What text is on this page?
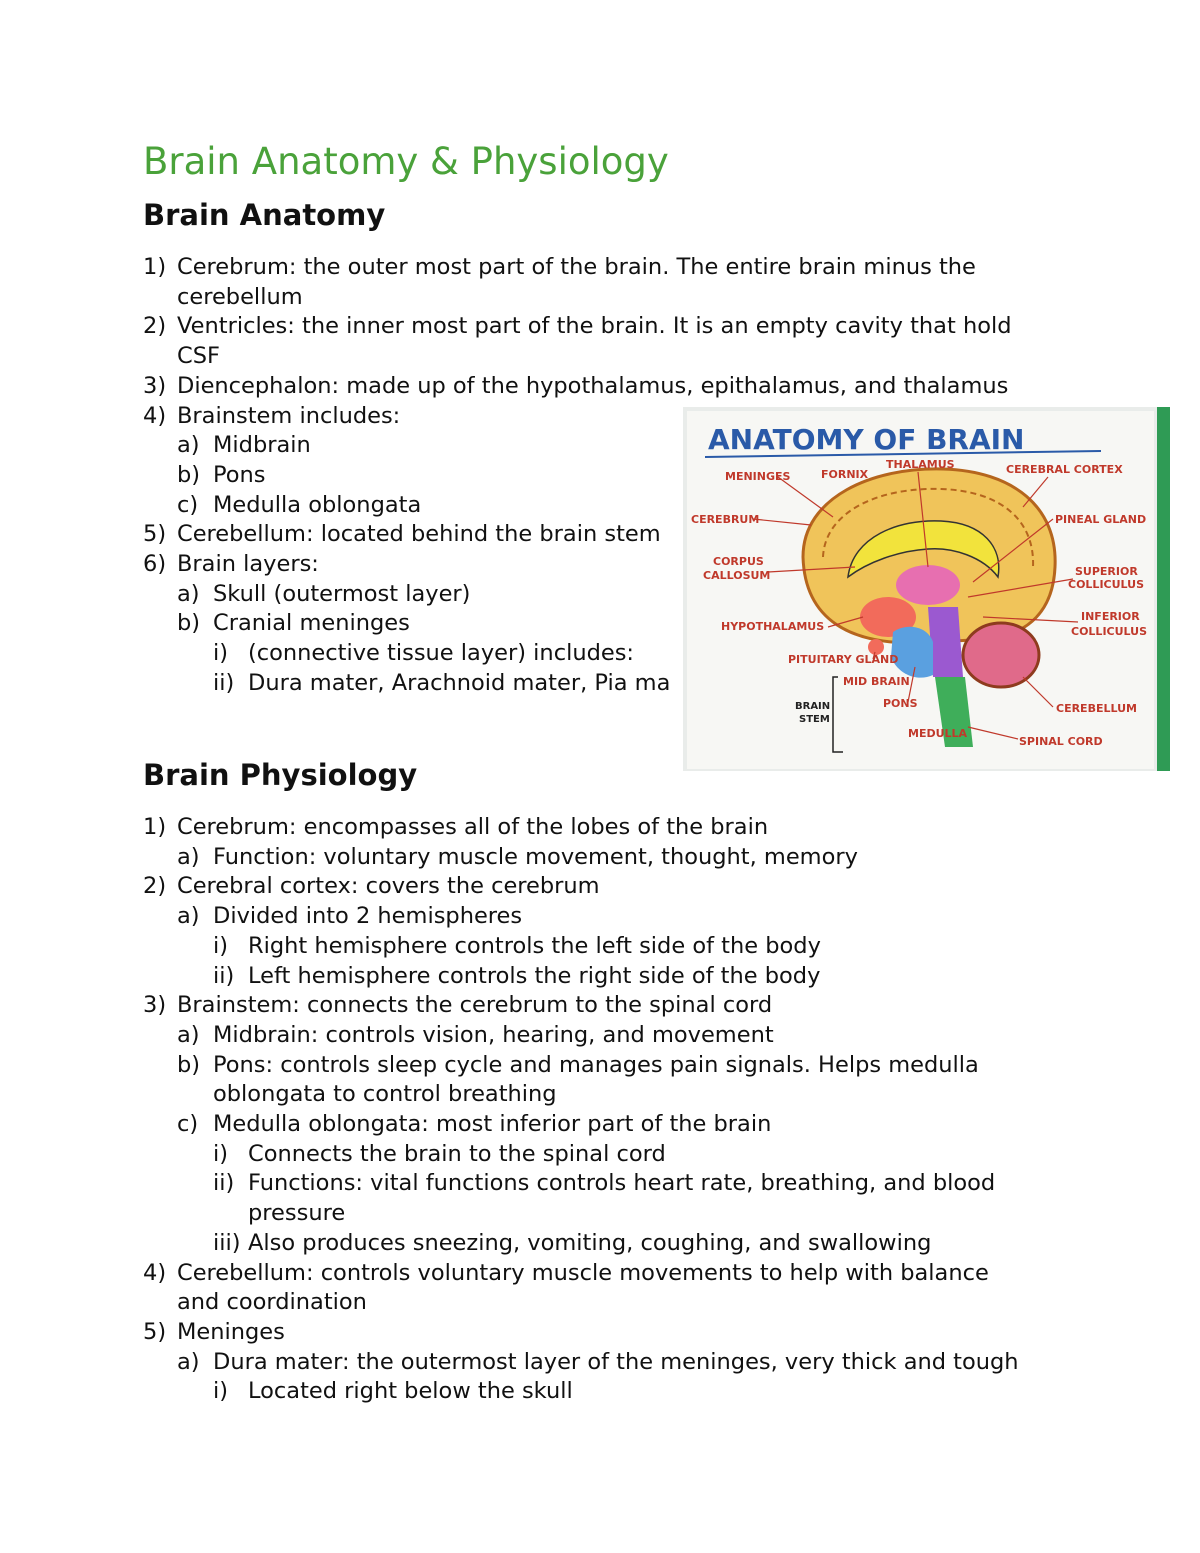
Brain Anatomy & Physiology
Brain Anatomy
1) Cerebrum: the outer most part of the brain. The entire brain minus the
cerebellum
2) Ventricles: the inner most part of the brain. It is an empty cavity that hold
CSF
3) Diencephalon: made up of the hypothalamus, epithalamus, and thalamus
4) Brainstem includes:
a) Midbrain
b) Pons
c) Medulla oblongata
5) Cerebellum: located behind the brain stem
6) Brain layers:
a) Skull (outermost layer)
b) Cranial meninges
i) (connective tissue layer) includes:
ii) Dura mater, Arachnoid mater, Pia ma
ANATOMY OF BRAIN
MENINGES	FORNIX
THALAMUS	CEREBRAL CORTEX
CEREBRUM	PINEAL GLAND
CORPUS
CALLOSUM	SUPERIOR
COLLICULUS
HYPOTHALAMUS
INFERIOR
COLLICULUS
PITUITARY GLAND
MID BRAIN
BRAIN
STEM
PONS	CEREBELLUM
MEDULLA
SPINAL CORD
Brain Physiology
1) Cerebrum: encompasses all of the lobes of the brain
a) Function: voluntary muscle movement, thought, memory
2) Cerebral cortex: covers the cerebrum
a) Divided into 2 hemispheres
i) Right hemisphere controls the left side of the body
ii) Left hemisphere controls the right side of the body
3) Brainstem: connects the cerebrum to the spinal cord
a) Midbrain: controls vision, hearing, and movement
b) Pons: controls sleep cycle and manages pain signals. Helps medulla
oblongata to control breathing
c) Medulla oblongata: most inferior part of the brain
i) Connects the brain to the spinal cord
ii) Functions: vital functions controls heart rate, breathing, and blood
pressure
iii) Also produces sneezing, vomiting, coughing, and swallowing
4) Cerebellum: controls voluntary muscle movements to help with balance
and coordination
5) Meninges
a) Dura mater: the outermost layer of the meninges, very thick and tough
i) Located right below the skull
